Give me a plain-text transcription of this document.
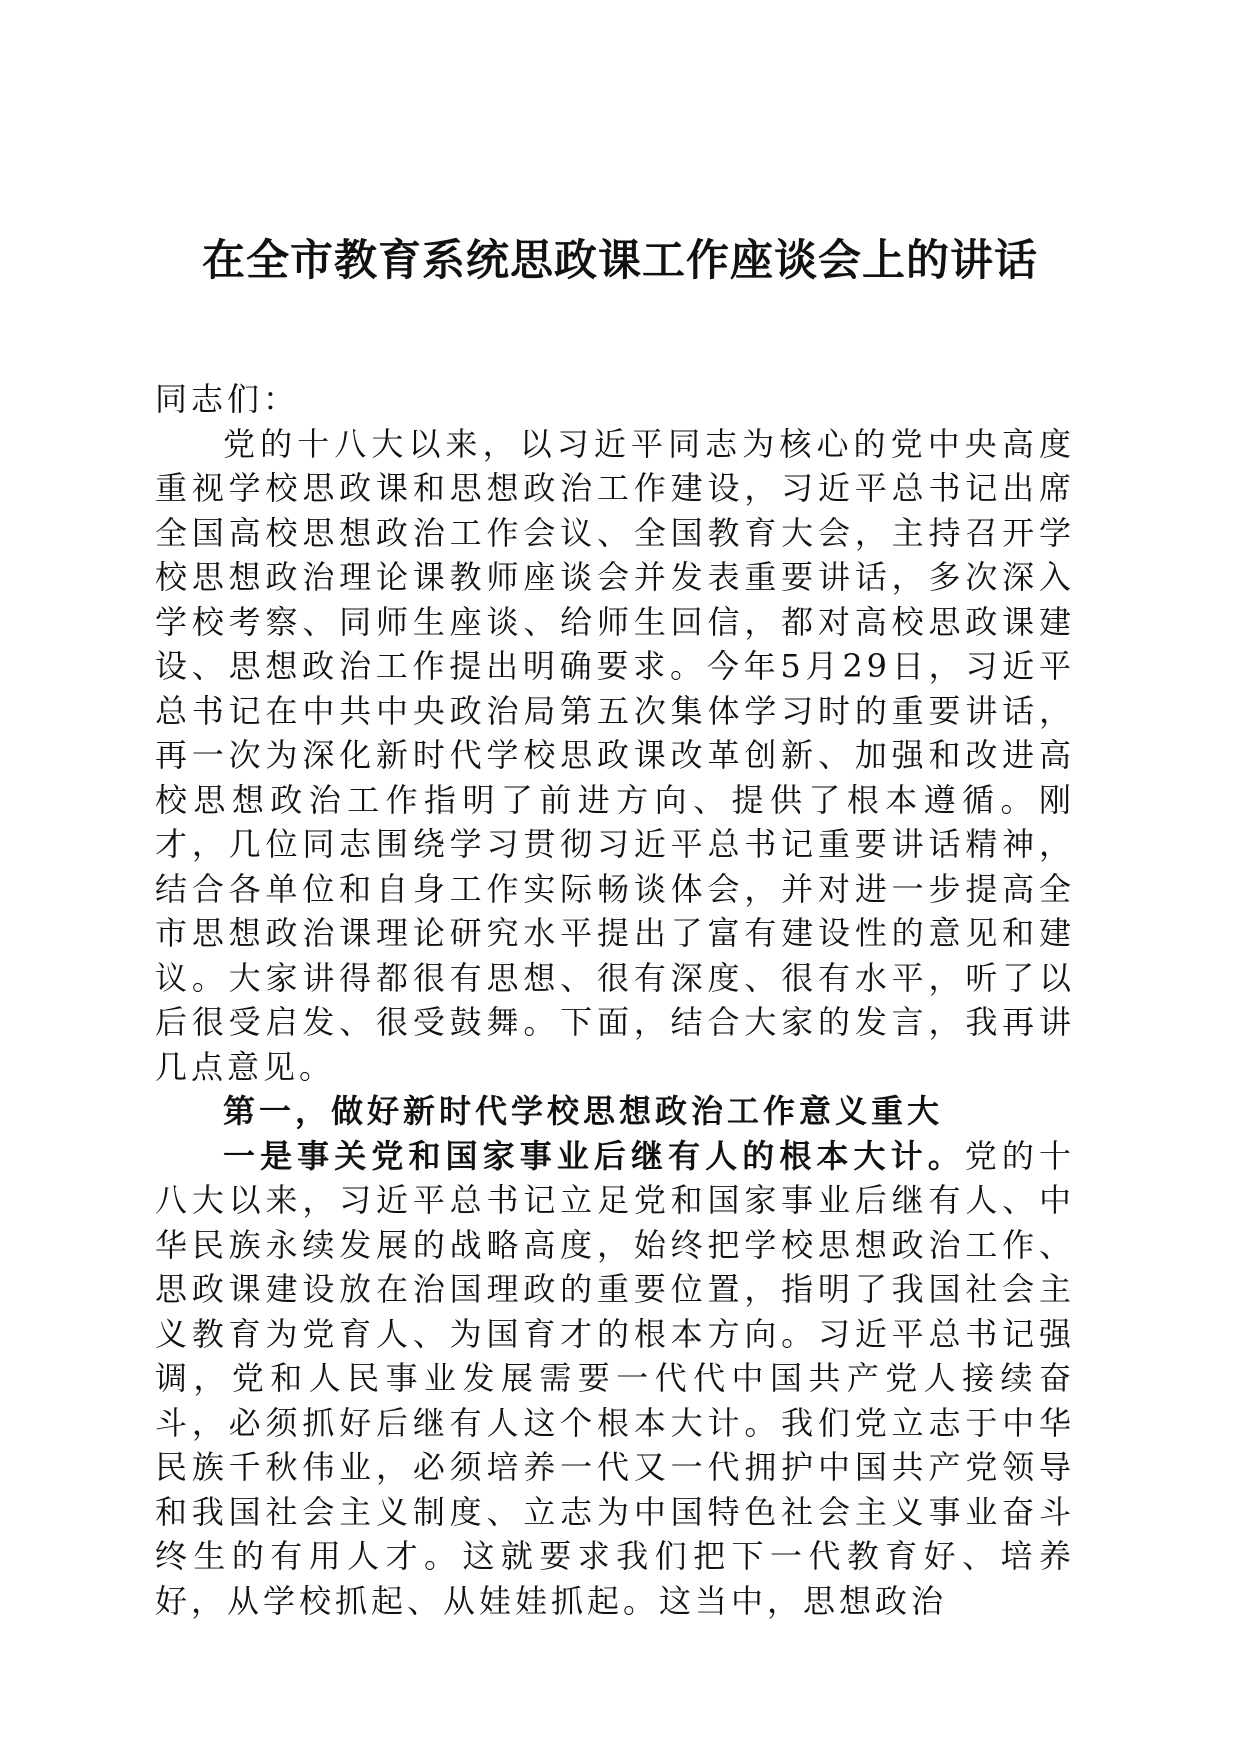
在全市教育系统思政课工作座谈会上的讲话

同志们：

党的十八大以来，以习近平同志为核心的党中央高度重视学校思政课和思想政治工作建设，习近平总书记出席全国高校思想政治工作会议、全国教育大会，主持召开学校思想政治理论课教师座谈会并发表重要讲话，多次深入学校考察、同师生座谈、给师生回信，都对高校思政课建设、思想政治工作提出明确要求。今年5月29日，习近平总书记在中共中央政治局第五次集体学习时的重要讲话，再一次为深化新时代学校思政课改革创新、加强和改进高校思想政治工作指明了前进方向、提供了根本遵循。刚才，几位同志围绕学习贯彻习近平总书记重要讲话精神，结合各单位和自身工作实际畅谈体会，并对进一步提高全市思想政治课理论研究水平提出了富有建设性的意见和建议。大家讲得都很有思想、很有深度、很有水平，听了以后很受启发、很受鼓舞。下面，结合大家的发言，我再讲几点意见。

第一，做好新时代学校思想政治工作意义重大

一是事关党和国家事业后继有人的根本大计。党的十八大以来，习近平总书记立足党和国家事业后继有人、中华民族永续发展的战略高度，始终把学校思想政治工作、思政课建设放在治国理政的重要位置，指明了我国社会主义教育为党育人、为国育才的根本方向。习近平总书记强调，党和人民事业发展需要一代代中国共产党人接续奋斗，必须抓好后继有人这个根本大计。我们党立志于中华民族千秋伟业，必须培养一代又一代拥护中国共产党领导和我国社会主义制度、立志为中国特色社会主义事业奋斗终生的有用人才。这就要求我们把下一代教育好、培养好，从学校抓起、从娃娃抓起。这当中，思想政治
